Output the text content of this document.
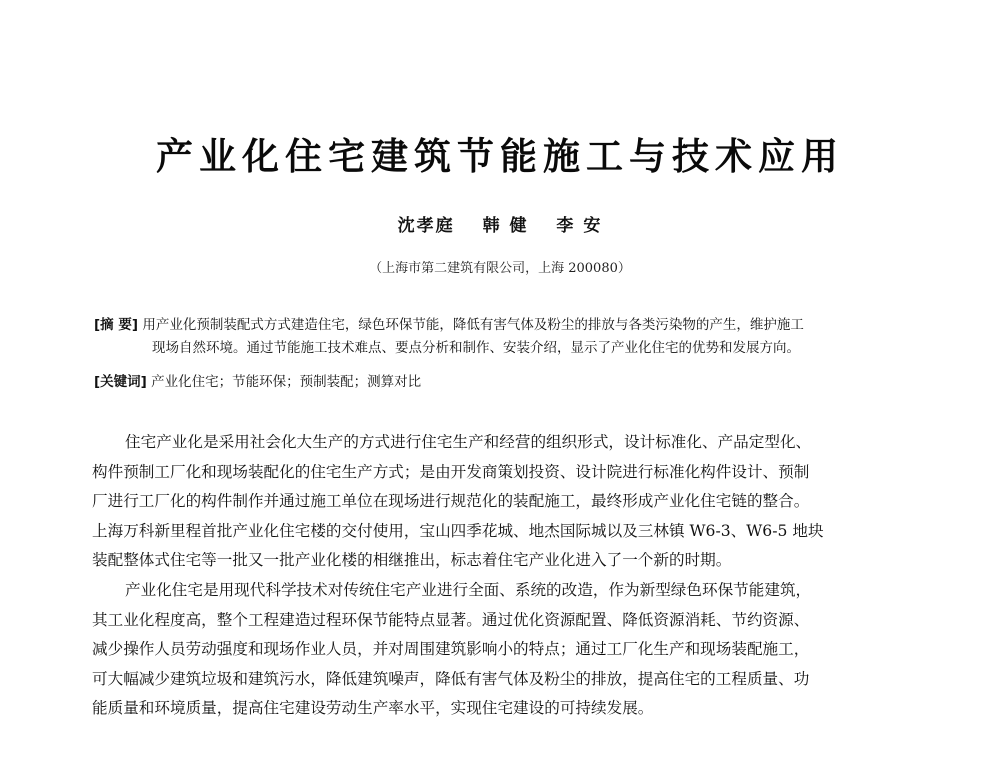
产业化住宅建筑节能施工与技术应用
沈孝庭 韩 健 李 安
（上海市第二建筑有限公司，上海 200080）
[摘 要] 用产业化预制装配式方式建造住宅，绿色环保节能，降低有害气体及粉尘的排放与各类污染物的产生，维护施工
现场自然环境。通过节能施工技术难点、要点分析和制作、安装介绍，显示了产业化住宅的优势和发展方向。
[关键词] 产业化住宅；节能环保；预制装配；测算对比
住宅产业化是采用社会化大生产的方式进行住宅生产和经营的组织形式，设计标准化、产品定型化、
构件预制工厂化和现场装配化的住宅生产方式；是由开发商策划投资、设计院进行标准化构件设计、预制
厂进行工厂化的构件制作并通过施工单位在现场进行规范化的装配施工，最终形成产业化住宅链的整合。
上海万科新里程首批产业化住宅楼的交付使用，宝山四季花城、地杰国际城以及三林镇 W6-3、W6-5 地块
装配整体式住宅等一批又一批产业化楼的相继推出，标志着住宅产业化进入了一个新的时期。
产业化住宅是用现代科学技术对传统住宅产业进行全面、系统的改造，作为新型绿色环保节能建筑，
其工业化程度高，整个工程建造过程环保节能特点显著。通过优化资源配置、降低资源消耗、节约资源、
减少操作人员劳动强度和现场作业人员，并对周围建筑影响小的特点；通过工厂化生产和现场装配施工，
可大幅减少建筑垃圾和建筑污水，降低建筑噪声，降低有害气体及粉尘的排放，提高住宅的工程质量、功
能质量和环境质量，提高住宅建设劳动生产率水平，实现住宅建设的可持续发展。
